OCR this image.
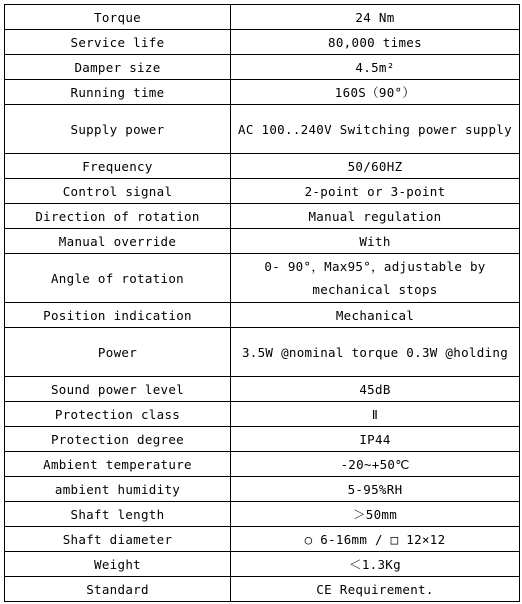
Torque	24 Nm
Service life	80,000 times
Damper size	4.5m²
Running time	160S（90°）
Supply power	AC 100..240V Switching power supply
Frequency	50/60HZ
Control signal	2-point or 3-point
Direction of rotation	Manual regulation
Manual override	With
Angle of rotation	0- 90°，Max95°，adjustable by mechanical stops
Position indication	Mechanical
Power	3.5W @nominal torque 0.3W @holding
Sound power level	45dB
Protection class	Ⅱ
Protection degree	IP44
Ambient temperature	-20~+50℃
ambient humidity	5-95%RH
Shaft length	＞50mm
Shaft diameter	○ 6-16mm / □ 12×12
Weight	＜1.3Kg
Standard	CE Requirement.
